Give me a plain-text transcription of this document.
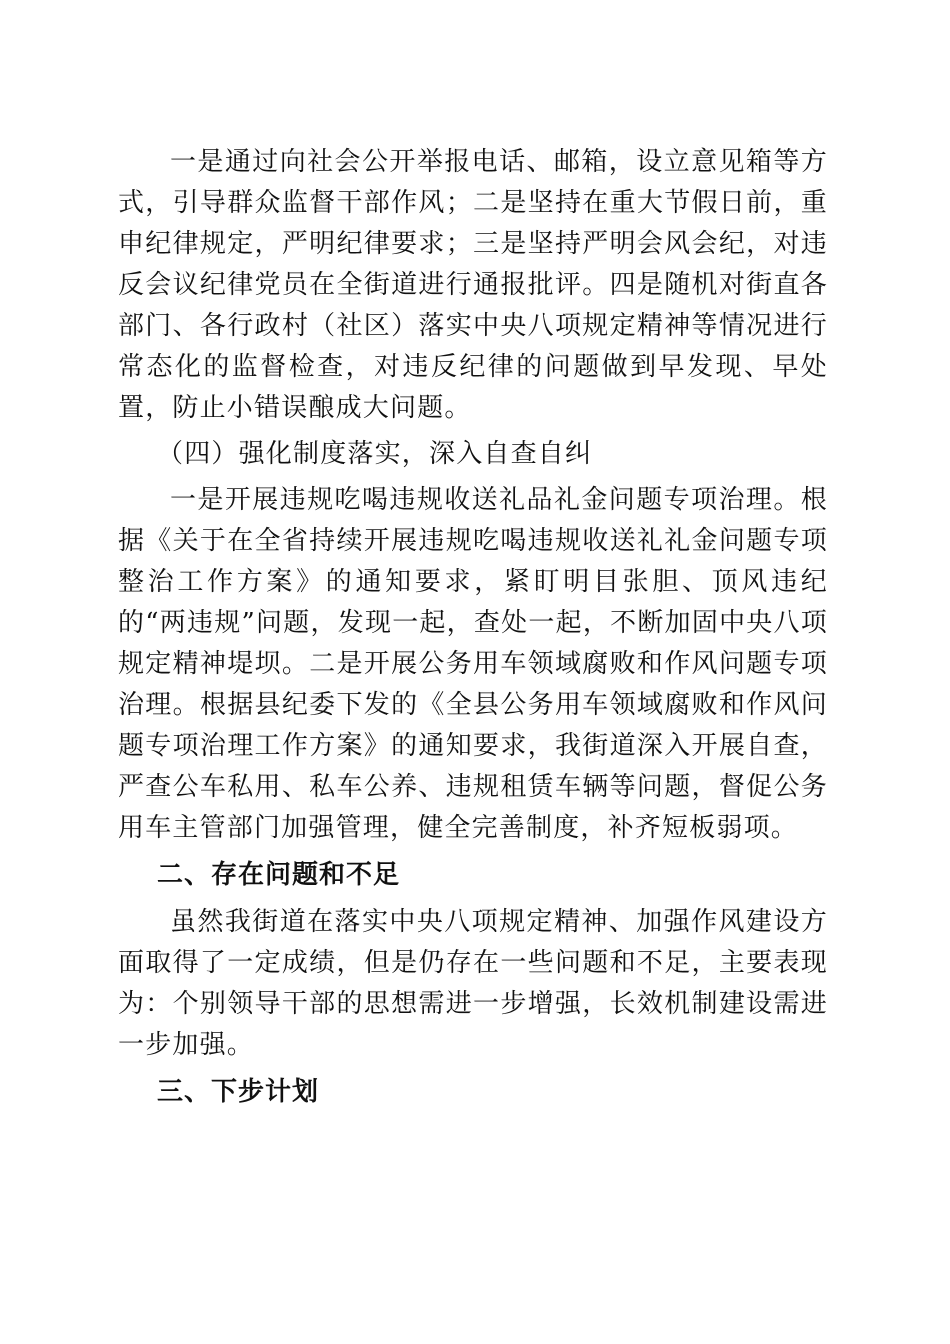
一是通过向社会公开举报电话、邮箱，设立意见箱等方式，引导群众监督干部作风；二是坚持在重大节假日前，重申纪律规定，严明纪律要求；三是坚持严明会风会纪，对违反会议纪律党员在全街道进行通报批评。四是随机对街直各部门、各行政村（社区）落实中央八项规定精神等情况进行常态化的监督检查，对违反纪律的问题做到早发现、早处置，防止小错误酿成大问题。

（四）强化制度落实，深入自查自纠

一是开展违规吃喝违规收送礼品礼金问题专项治理。根据《关于在全省持续开展违规吃喝违规收送礼礼金问题专项整治工作方案》的通知要求，紧盯明目张胆、顶风违纪的“两违规”问题，发现一起，查处一起，不断加固中央八项规定精神堤坝。二是开展公务用车领域腐败和作风问题专项治理。根据县纪委下发的《全县公务用车领域腐败和作风问题专项治理工作方案》的通知要求，我街道深入开展自查，严查公车私用、私车公养、违规租赁车辆等问题，督促公务用车主管部门加强管理，健全完善制度，补齐短板弱项。

二、存在问题和不足

虽然我街道在落实中央八项规定精神、加强作风建设方面取得了一定成绩，但是仍存在一些问题和不足，主要表现为：个别领导干部的思想需进一步增强，长效机制建设需进一步加强。

三、下步计划
